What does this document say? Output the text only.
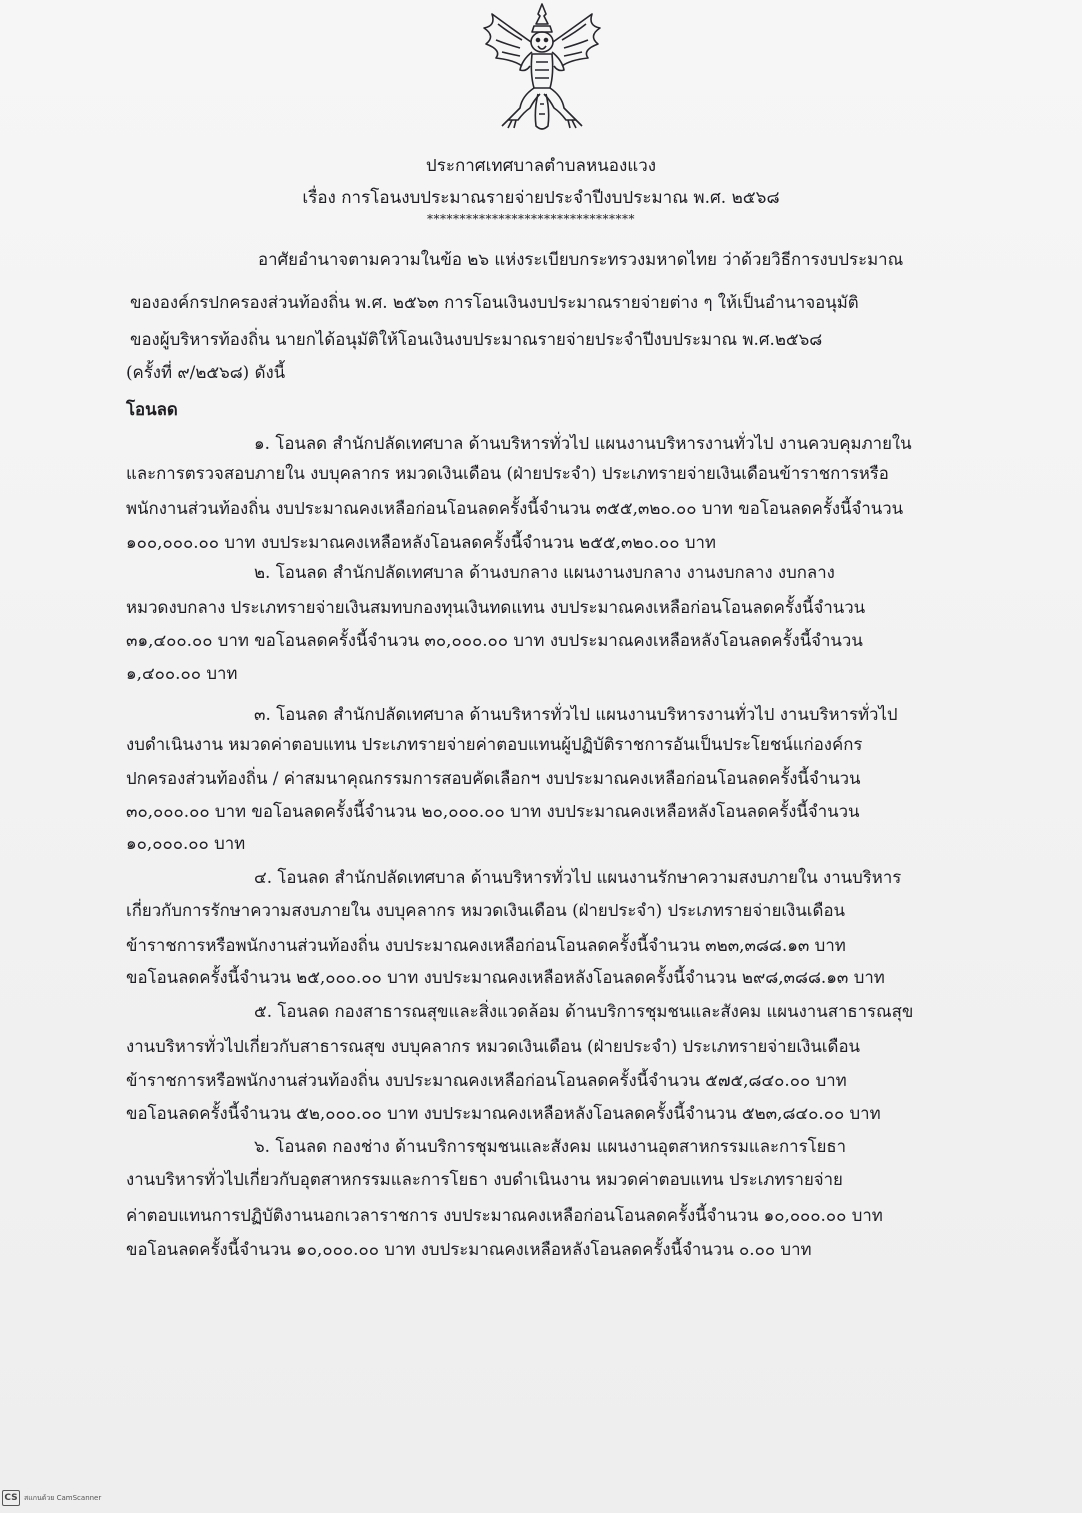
ประกาศเทศบาลตำบลหนองแวง
เรื่อง การโอนงบประมาณรายจ่ายประจำปีงบประมาณ พ.ศ. ๒๕๖๘
********************************
อาศัยอำนาจตามความในข้อ ๒๖ แห่งระเบียบกระทรวงมหาดไทย ว่าด้วยวิธีการงบประมาณ
ขององค์กรปกครองส่วนท้องถิ่น พ.ศ. ๒๕๖๓ การโอนเงินงบประมาณรายจ่ายต่าง ๆ ให้เป็นอำนาจอนุมัติ
ของผู้บริหารท้องถิ่น นายกได้อนุมัติให้โอนเงินงบประมาณรายจ่ายประจำปีงบประมาณ พ.ศ.๒๕๖๘
(ครั้งที่ ๙/๒๕๖๘) ดังนี้
โอนลด
๑. โอนลด สำนักปลัดเทศบาล ด้านบริหารทั่วไป แผนงานบริหารงานทั่วไป งานควบคุมภายใน
และการตรวจสอบภายใน งบบุคลากร หมวดเงินเดือน (ฝ่ายประจำ) ประเภทรายจ่ายเงินเดือนข้าราชการหรือ
พนักงานส่วนท้องถิ่น งบประมาณคงเหลือก่อนโอนลดครั้งนี้จำนวน ๓๕๕,๓๒๐.๐๐ บาท ขอโอนลดครั้งนี้จำนวน
๑๐๐,๐๐๐.๐๐ บาท งบประมาณคงเหลือหลังโอนลดครั้งนี้จำนวน ๒๕๕,๓๒๐.๐๐ บาท
๒. โอนลด สำนักปลัดเทศบาล ด้านงบกลาง แผนงานงบกลาง งานงบกลาง งบกลาง
หมวดงบกลาง ประเภทรายจ่ายเงินสมทบกองทุนเงินทดแทน งบประมาณคงเหลือก่อนโอนลดครั้งนี้จำนวน
๓๑,๔๐๐.๐๐ บาท ขอโอนลดครั้งนี้จำนวน ๓๐,๐๐๐.๐๐ บาท งบประมาณคงเหลือหลังโอนลดครั้งนี้จำนวน
๑,๔๐๐.๐๐ บาท
๓. โอนลด สำนักปลัดเทศบาล ด้านบริหารทั่วไป แผนงานบริหารงานทั่วไป งานบริหารทั่วไป
งบดำเนินงาน หมวดค่าตอบแทน ประเภทรายจ่ายค่าตอบแทนผู้ปฏิบัติราชการอันเป็นประโยชน์แก่องค์กร
ปกครองส่วนท้องถิ่น / ค่าสมนาคุณกรรมการสอบคัดเลือกฯ งบประมาณคงเหลือก่อนโอนลดครั้งนี้จำนวน
๓๐,๐๐๐.๐๐ บาท ขอโอนลดครั้งนี้จำนวน ๒๐,๐๐๐.๐๐ บาท งบประมาณคงเหลือหลังโอนลดครั้งนี้จำนวน
๑๐,๐๐๐.๐๐ บาท
๔. โอนลด สำนักปลัดเทศบาล ด้านบริหารทั่วไป แผนงานรักษาความสงบภายใน งานบริหาร
เกี่ยวกับการรักษาความสงบภายใน งบบุคลากร หมวดเงินเดือน (ฝ่ายประจำ) ประเภทรายจ่ายเงินเดือน
ข้าราชการหรือพนักงานส่วนท้องถิ่น งบประมาณคงเหลือก่อนโอนลดครั้งนี้จำนวน ๓๒๓,๓๘๘.๑๓ บาท
ขอโอนลดครั้งนี้จำนวน ๒๕,๐๐๐.๐๐ บาท งบประมาณคงเหลือหลังโอนลดครั้งนี้จำนวน ๒๙๘,๓๘๘.๑๓ บาท
๕. โอนลด กองสาธารณสุขและสิ่งแวดล้อม ด้านบริการชุมชนและสังคม แผนงานสาธารณสุข
งานบริหารทั่วไปเกี่ยวกับสาธารณสุข งบบุคลากร หมวดเงินเดือน (ฝ่ายประจำ) ประเภทรายจ่ายเงินเดือน
ข้าราชการหรือพนักงานส่วนท้องถิ่น งบประมาณคงเหลือก่อนโอนลดครั้งนี้จำนวน ๕๗๕,๘๔๐.๐๐ บาท
ขอโอนลดครั้งนี้จำนวน ๕๒,๐๐๐.๐๐ บาท งบประมาณคงเหลือหลังโอนลดครั้งนี้จำนวน ๕๒๓,๘๔๐.๐๐ บาท
๖. โอนลด กองช่าง ด้านบริการชุมชนและสังคม แผนงานอุตสาหกรรมและการโยธา
งานบริหารทั่วไปเกี่ยวกับอุตสาหกรรมและการโยธา งบดำเนินงาน หมวดค่าตอบแทน ประเภทรายจ่าย
ค่าตอบแทนการปฏิบัติงานนอกเวลาราชการ งบประมาณคงเหลือก่อนโอนลดครั้งนี้จำนวน ๑๐,๐๐๐.๐๐ บาท
ขอโอนลดครั้งนี้จำนวน ๑๐,๐๐๐.๐๐ บาท งบประมาณคงเหลือหลังโอนลดครั้งนี้จำนวน ๐.๐๐ บาท
CS สแกนด้วย CamScanner
